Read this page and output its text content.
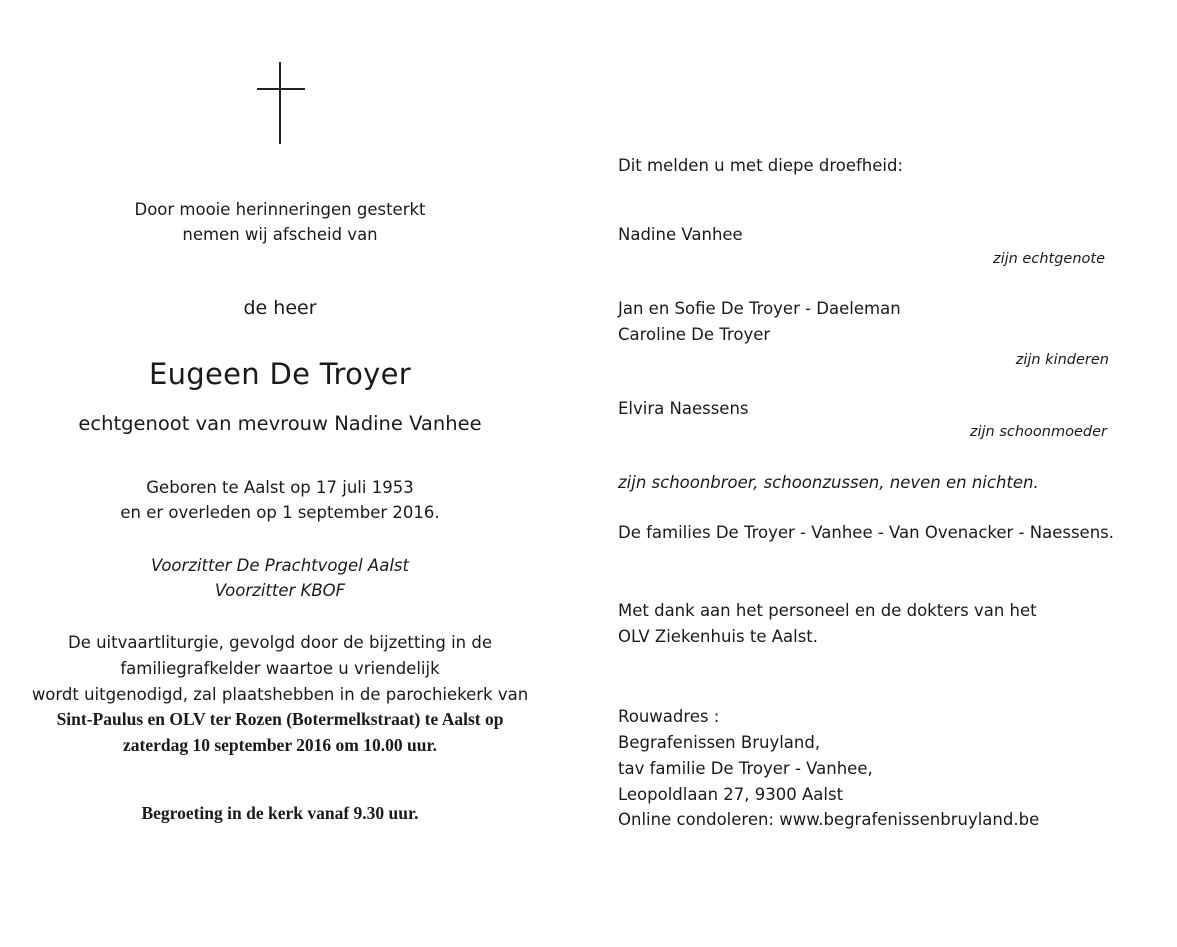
Door mooie herinneringen gesterkt
nemen wij afscheid van
de heer
Eugeen De Troyer
echtgenoot van mevrouw Nadine Vanhee
Geboren te Aalst op 17 juli 1953
en er overleden op 1 september 2016.
Voorzitter De Prachtvogel Aalst
Voorzitter KBOF
De uitvaartliturgie, gevolgd door de bijzetting in de
familiegrafkelder waartoe u vriendelijk
wordt uitgenodigd, zal plaatshebben in de parochiekerk van
Sint-Paulus en OLV ter Rozen (Botermelkstraat) te Aalst op
zaterdag 10 september 2016 om 10.00 uur.
Begroeting in de kerk vanaf 9.30 uur.
Dit melden u met diepe droefheid:
Nadine Vanhee
zijn echtgenote
Jan en Sofie De Troyer - Daeleman
Caroline De Troyer
zijn kinderen
Elvira Naessens
zijn schoonmoeder
zijn schoonbroer, schoonzussen, neven en nichten.
De families De Troyer - Vanhee - Van Ovenacker - Naessens.
Met dank aan het personeel en de dokters van het
OLV Ziekenhuis te Aalst.
Rouwadres :
Begrafenissen Bruyland,
tav familie De Troyer - Vanhee,
Leopoldlaan 27, 9300 Aalst
Online condoleren: www.begrafenissenbruyland.be
